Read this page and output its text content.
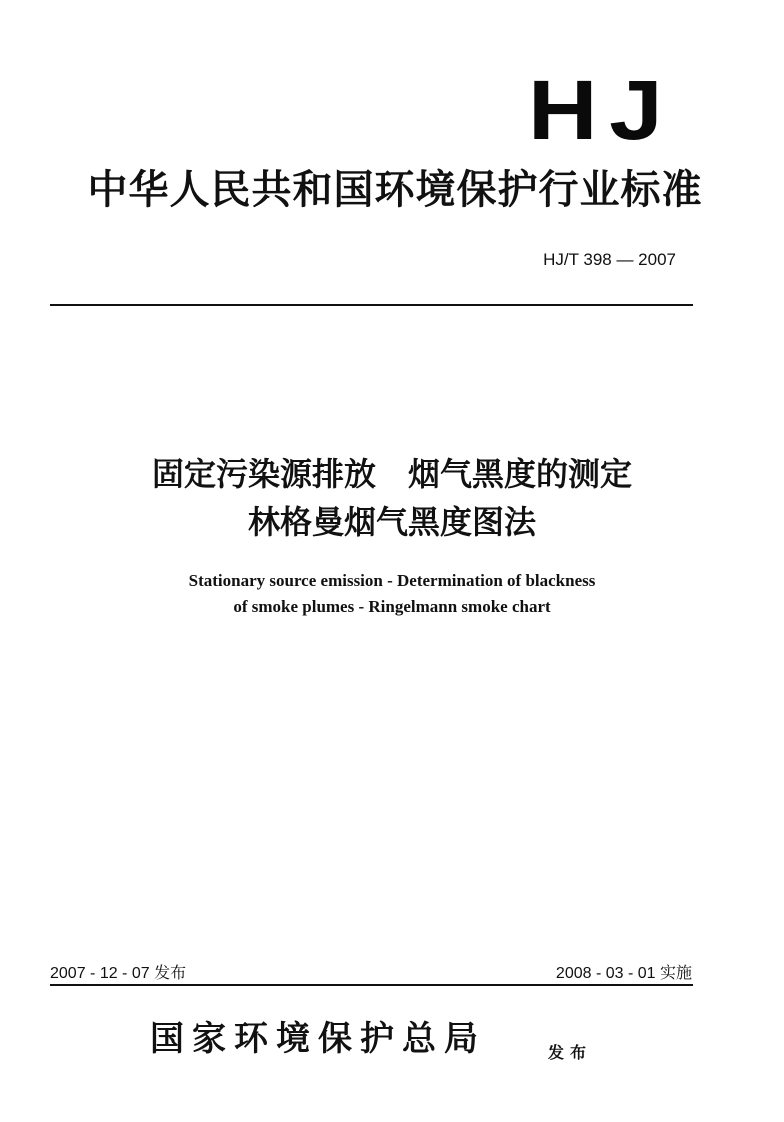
HJ
中华人民共和国环境保护行业标准
HJ/T 398 — 2007
固定污染源排放　烟气黑度的测定
林格曼烟气黑度图法
Stationary source emission - Determination of blackness
of smoke plumes - Ringelmann smoke chart
2007 - 12 - 07 发布	2008 - 03 - 01 实施
国家环境保护总局	发布
